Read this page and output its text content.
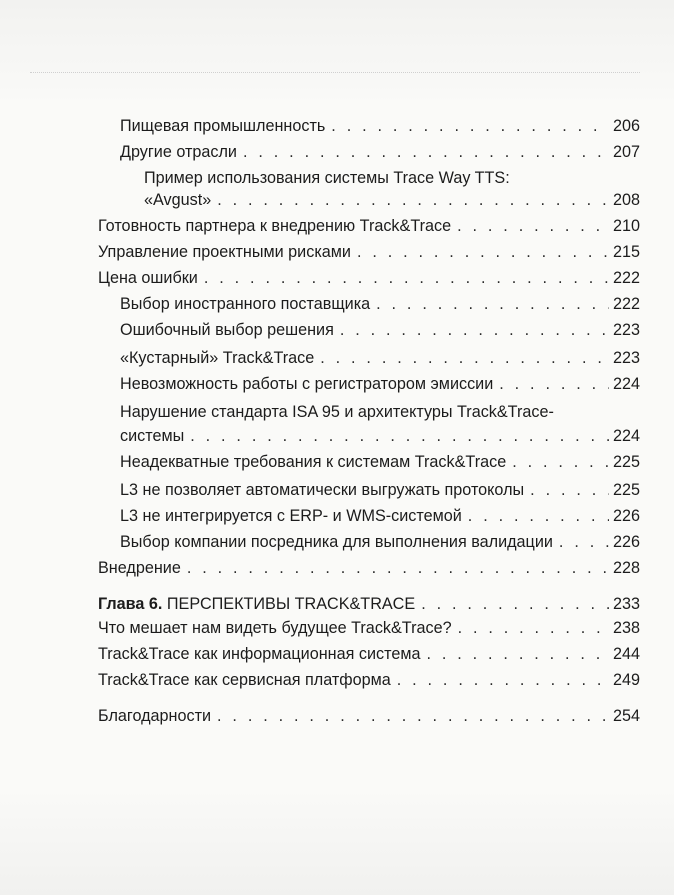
Пищевая промышленность . . .	206
Другие отрасли . . .	207
Пример использования системы Trace Way TTS:
«Avgust» . . .	208
Готовность партнера к внедрению Track&Trace . . .	210
Управление проектными рисками . . .	215
Цена ошибки . . .	222
Выбор иностранного поставщика . . .	222
Ошибочный выбор решения . . .	223
«Кустарный» Track&Trace . . .	223
Невозможность работы с регистратором эмиссии . . .	224
Нарушение стандарта ISA 95 и архитектуры Track&Trace-
системы . . .	224
Неадекватные требования к системам Track&Trace . . .	225
L3 не позволяет автоматически выгружать протоколы . . .	225
L3 не интегрируется с ERP- и WMS-системой . . .	226
Выбор компании посредника для выполнения валидации . . .	226
Внедрение . . .	228
Глава 6. ПЕРСПЕКТИВЫ TRACK&TRACE . . .	233
Что мешает нам видеть будущее Track&Trace? . . .	238
Track&Trace как информационная система . . .	244
Track&Trace как сервисная платформа . . .	249
Благодарности . . .	254
